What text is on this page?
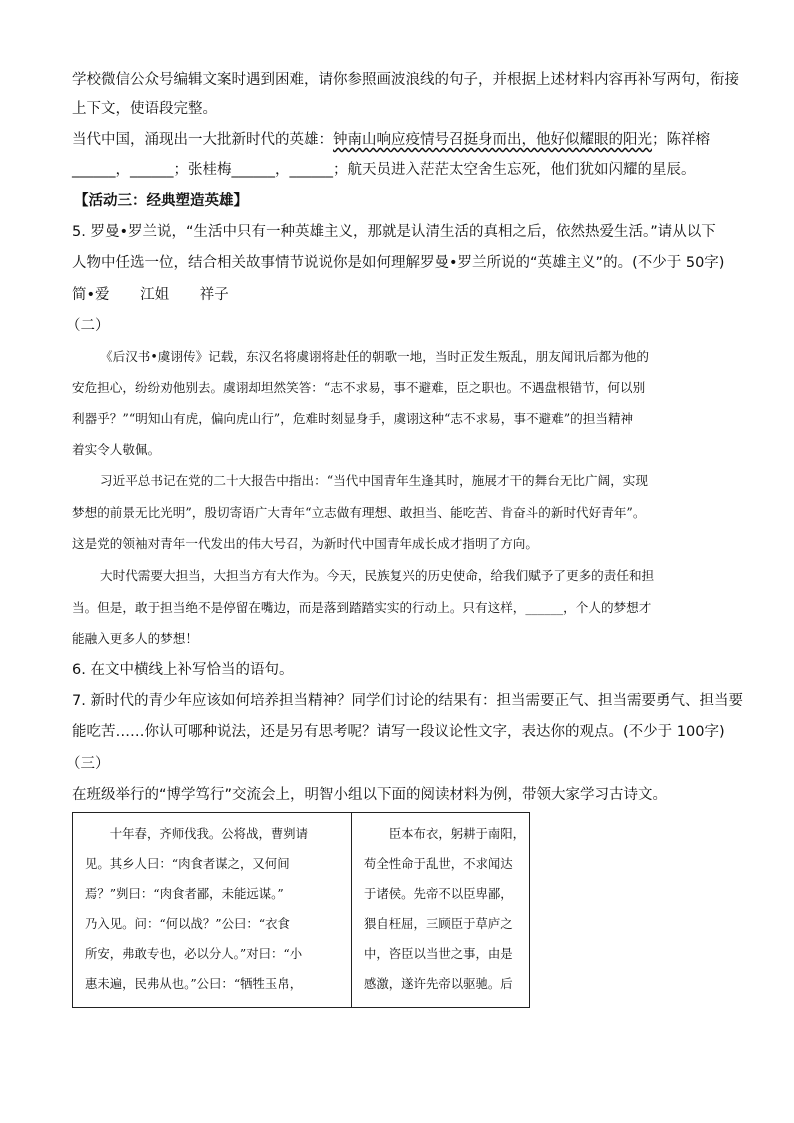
学校微信公众号编辑文案时遇到困难，请你参照画波浪线的句子，并根据上述材料内容再补写两句，衔接
上下文，使语段完整。
当代中国，涌现出一大批新时代的英雄：钟南山响应疫情号召挺身而出，他好似耀眼的阳光；陈祥榕
______，______；张桂梅______，______；航天员进入茫茫太空舍生忘死，他们犹如闪耀的星辰。
【活动三：经典塑造英雄】
5. 罗曼•罗兰说，“生活中只有一种英雄主义，那就是认清生活的真相之后，依然热爱生活。”请从以下
人物中任选一位，结合相关故事情节说说你是如何理解罗曼•罗兰所说的“英雄主义”的。(不少于 50字)
简•爱 江姐 祥子
（二）
《后汉书•虞诩传》记载，东汉名将虞诩将赴任的朝歌一地，当时正发生叛乱，朋友闻讯后都为他的
安危担心，纷纷劝他别去。虞诩却坦然笑答：“志不求易，事不避难，臣之职也。不遇盘根错节，何以别
利器乎？”“明知山有虎，偏向虎山行”，危难时刻显身手，虞诩这种“志不求易，事不避难”的担当精神
着实令人敬佩。
习近平总书记在党的二十大报告中指出：“当代中国青年生逢其时，施展才干的舞台无比广阔，实现
梦想的前景无比光明”，殷切寄语广大青年“立志做有理想、敢担当、能吃苦、肯奋斗的新时代好青年”。
这是党的领袖对青年一代发出的伟大号召，为新时代中国青年成长成才指明了方向。
大时代需要大担当，大担当方有大作为。今天，民族复兴的历史使命，给我们赋予了更多的责任和担
当。但是，敢于担当绝不是停留在嘴边，而是落到踏踏实实的行动上。只有这样，______，个人的梦想才
能融入更多人的梦想！
6. 在文中横线上补写恰当的语句。
7. 新时代的青少年应该如何培养担当精神？同学们讨论的结果有：担当需要正气、担当需要勇气、担当要
能吃苦……你认可哪种说法，还是另有思考呢？请写一段议论性文字，表达你的观点。(不少于 100字)
（三）
在班级举行的“博学笃行”交流会上，明智小组以下面的阅读材料为例，带领大家学习古诗文。
　　十年春，齐师伐我。公将战，曹刿请
见。其乡人曰：“肉食者谋之，又何间
焉？”刿曰：“肉食者鄙，未能远谋。”
乃入见。问：“何以战？”公曰：“衣食
所安，弗敢专也，必以分人。”对曰：“小
惠未遍，民弗从也。”公曰：“牺牲玉帛，

　　臣本布衣，躬耕于南阳，
苟全性命于乱世，不求闻达
于诸侯。先帝不以臣卑鄙，
猥自枉屈，三顾臣于草庐之
中，咨臣以当世之事，由是
感激，遂许先帝以驱驰。后
